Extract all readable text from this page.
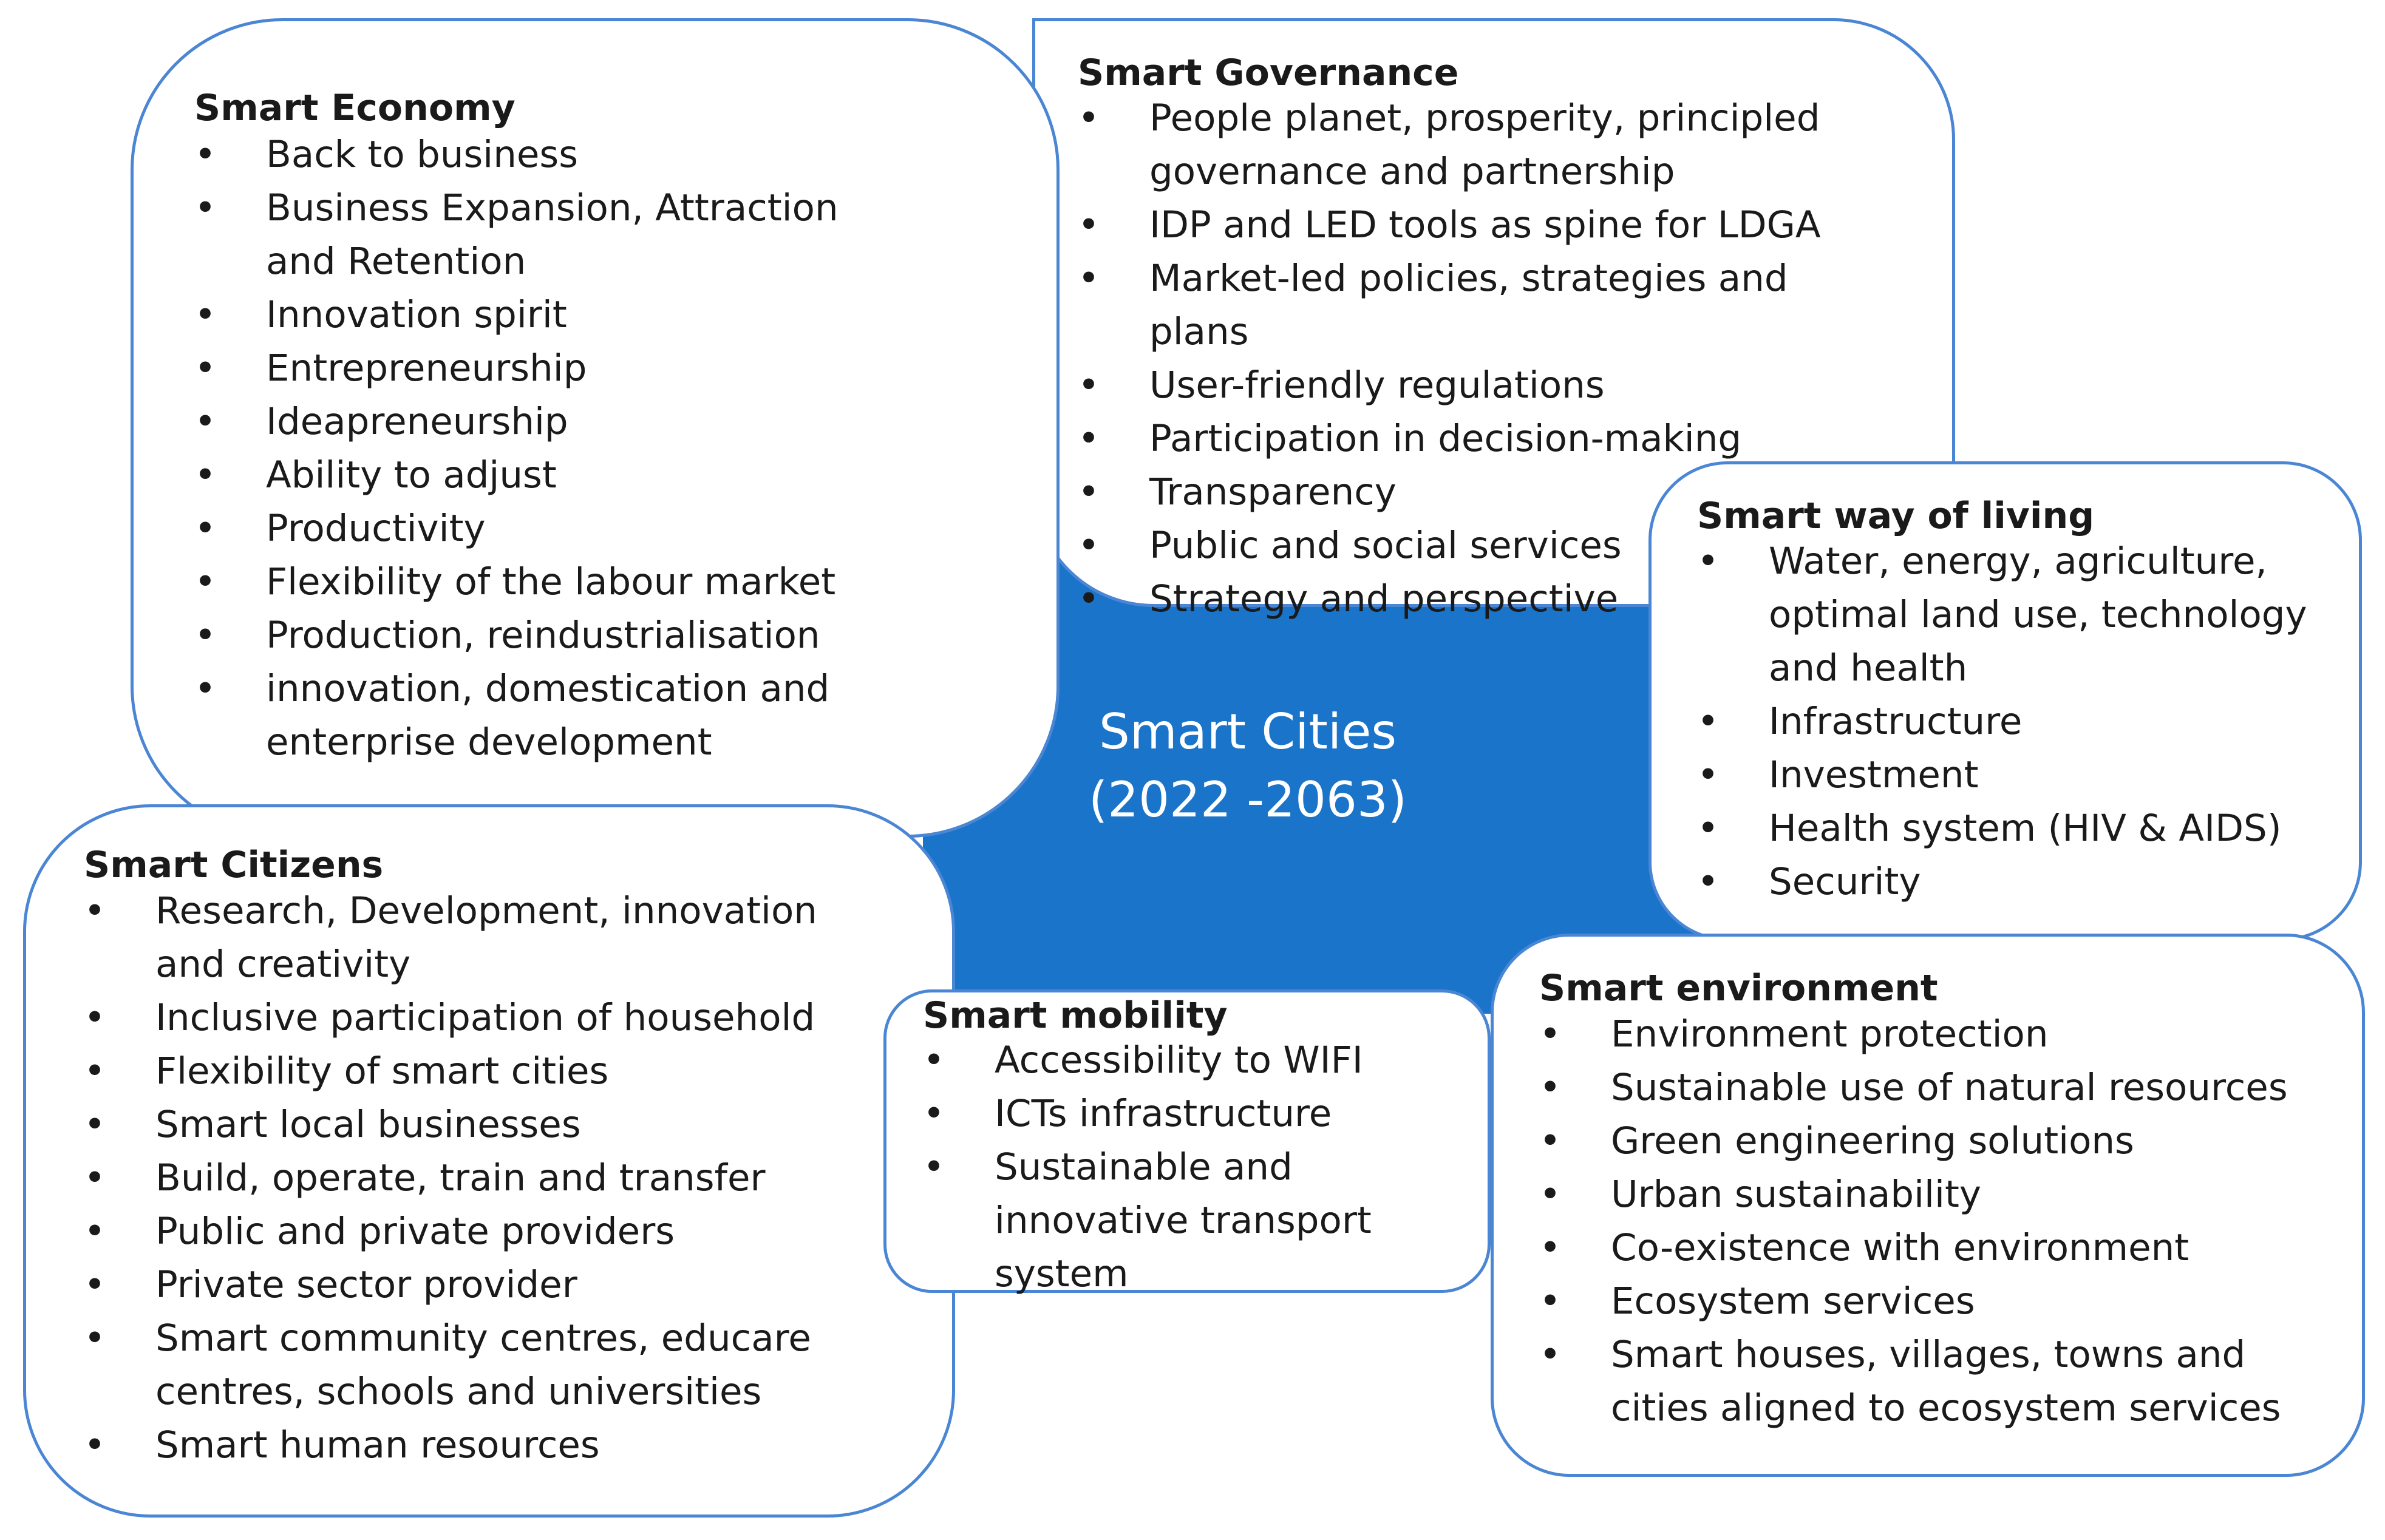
Smart Cities
(2022 -2063)
Smart Governance
• People planet, prosperity, principled governance and partnership
• IDP and LED tools as spine for LDGA
• Market-led policies, strategies and plans
• User-friendly regulations
• Participation in decision-making
• Transparency
• Public and social services
• Strategy and perspective
Smart Economy
• Back to business
• Business Expansion, Attraction and Retention
• Innovation spirit
• Entrepreneurship
• Ideapreneurship
• Ability to adjust
• Productivity
• Flexibility of the labour market
• Production, reindustrialisation
• innovation, domestication and enterprise development
Smart way of living
• Water, energy, agriculture, optimal land use, technology and health
• Infrastructure
• Investment
• Health system (HIV & AIDS)
• Security
Smart Citizens
• Research, Development, innovation and creativity
• Inclusive participation of household
• Flexibility of smart cities
• Smart local businesses
• Build, operate, train and transfer
• Public and private providers
• Private sector provider
• Smart community centres, educare centres, schools and universities
• Smart human resources
Smart mobility
• Accessibility to WIFI
• ICTs infrastructure
• Sustainable and innovative transport system
Smart environment
• Environment protection
• Sustainable use of natural resources
• Green engineering solutions
• Urban sustainability
• Co-existence with environment
• Ecosystem services
• Smart houses, villages, towns and cities aligned to ecosystem services
